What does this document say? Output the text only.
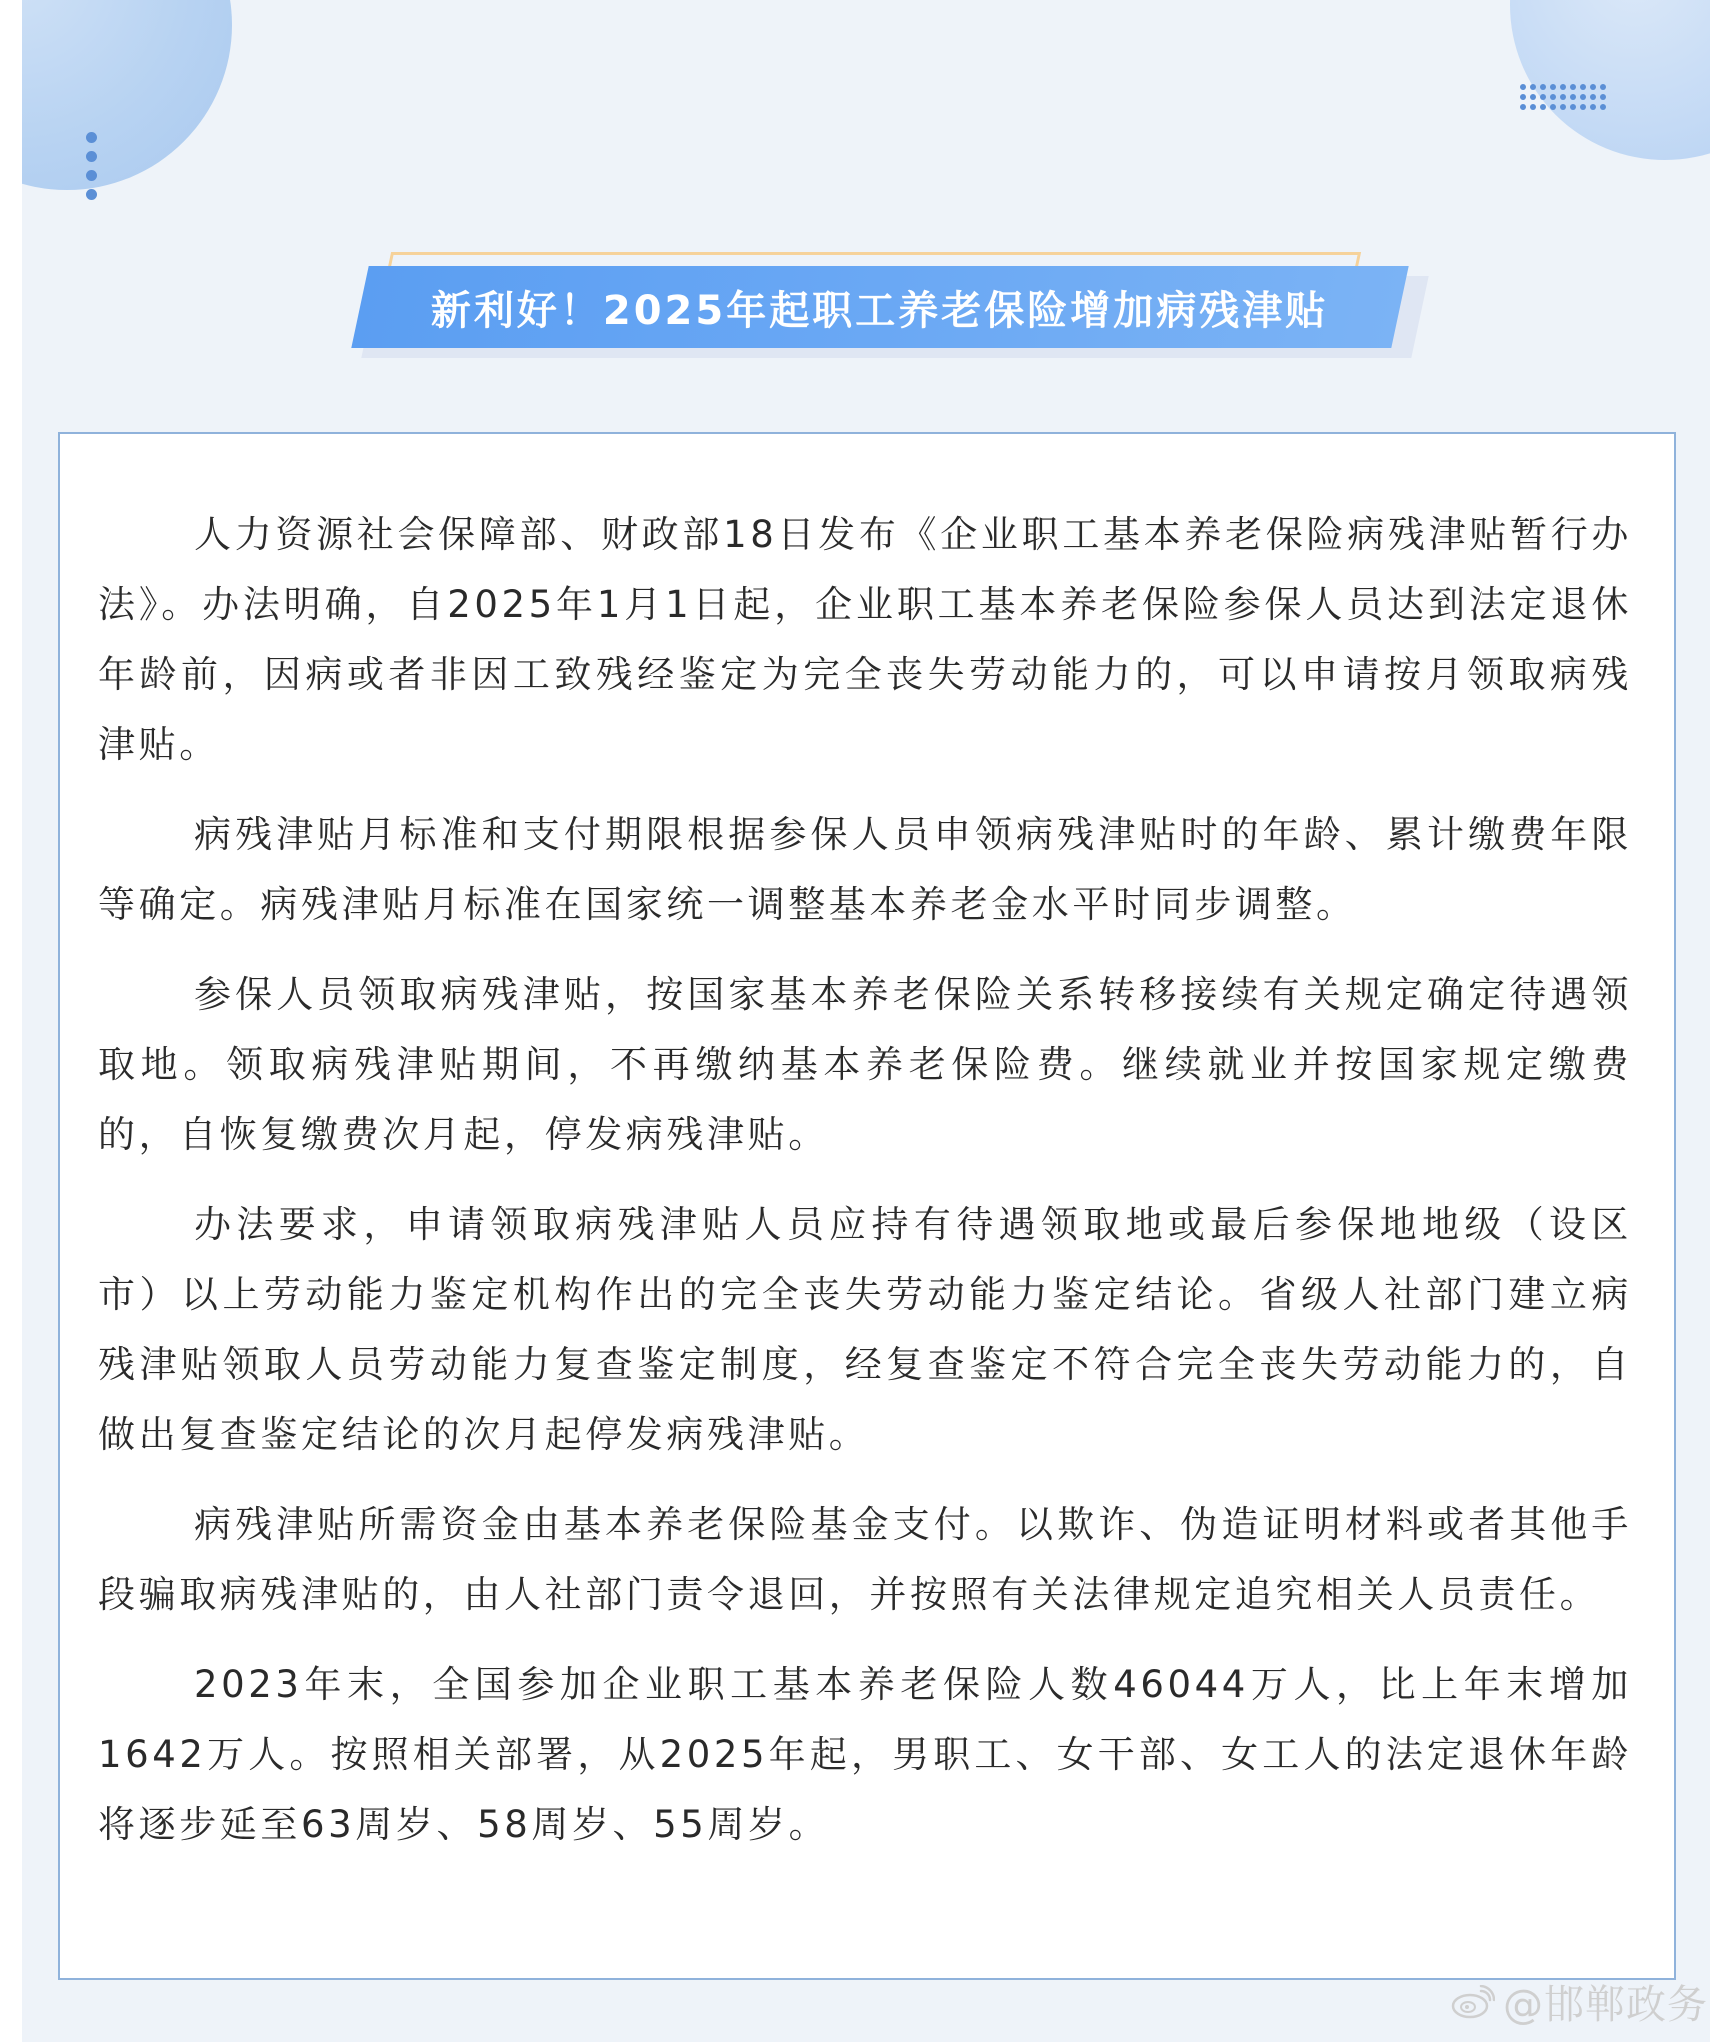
新利好！2025年起职工养老保险增加病残津贴

人力资源社会保障部、财政部18日发布《企业职工基本养老保险病残津贴暂行办法》。办法明确，自2025年1月1日起，企业职工基本养老保险参保人员达到法定退休年龄前，因病或者非因工致残经鉴定为完全丧失劳动能力的，可以申请按月领取病残津贴。

病残津贴月标准和支付期限根据参保人员申领病残津贴时的年龄、累计缴费年限等确定。病残津贴月标准在国家统一调整基本养老金水平时同步调整。

参保人员领取病残津贴，按国家基本养老保险关系转移接续有关规定确定待遇领取地。领取病残津贴期间，不再缴纳基本养老保险费。继续就业并按国家规定缴费的，自恢复缴费次月起，停发病残津贴。

办法要求，申请领取病残津贴人员应持有待遇领取地或最后参保地地级（设区市）以上劳动能力鉴定机构作出的完全丧失劳动能力鉴定结论。省级人社部门建立病残津贴领取人员劳动能力复查鉴定制度，经复查鉴定不符合完全丧失劳动能力的，自做出复查鉴定结论的次月起停发病残津贴。

病残津贴所需资金由基本养老保险基金支付。以欺诈、伪造证明材料或者其他手段骗取病残津贴的，由人社部门责令退回，并按照有关法律规定追究相关人员责任。

2023年末，全国参加企业职工基本养老保险人数46044万人，比上年末增加1642万人。按照相关部署，从2025年起，男职工、女干部、女工人的法定退休年龄将逐步延至63周岁、58周岁、55周岁。

@邯郸政务
